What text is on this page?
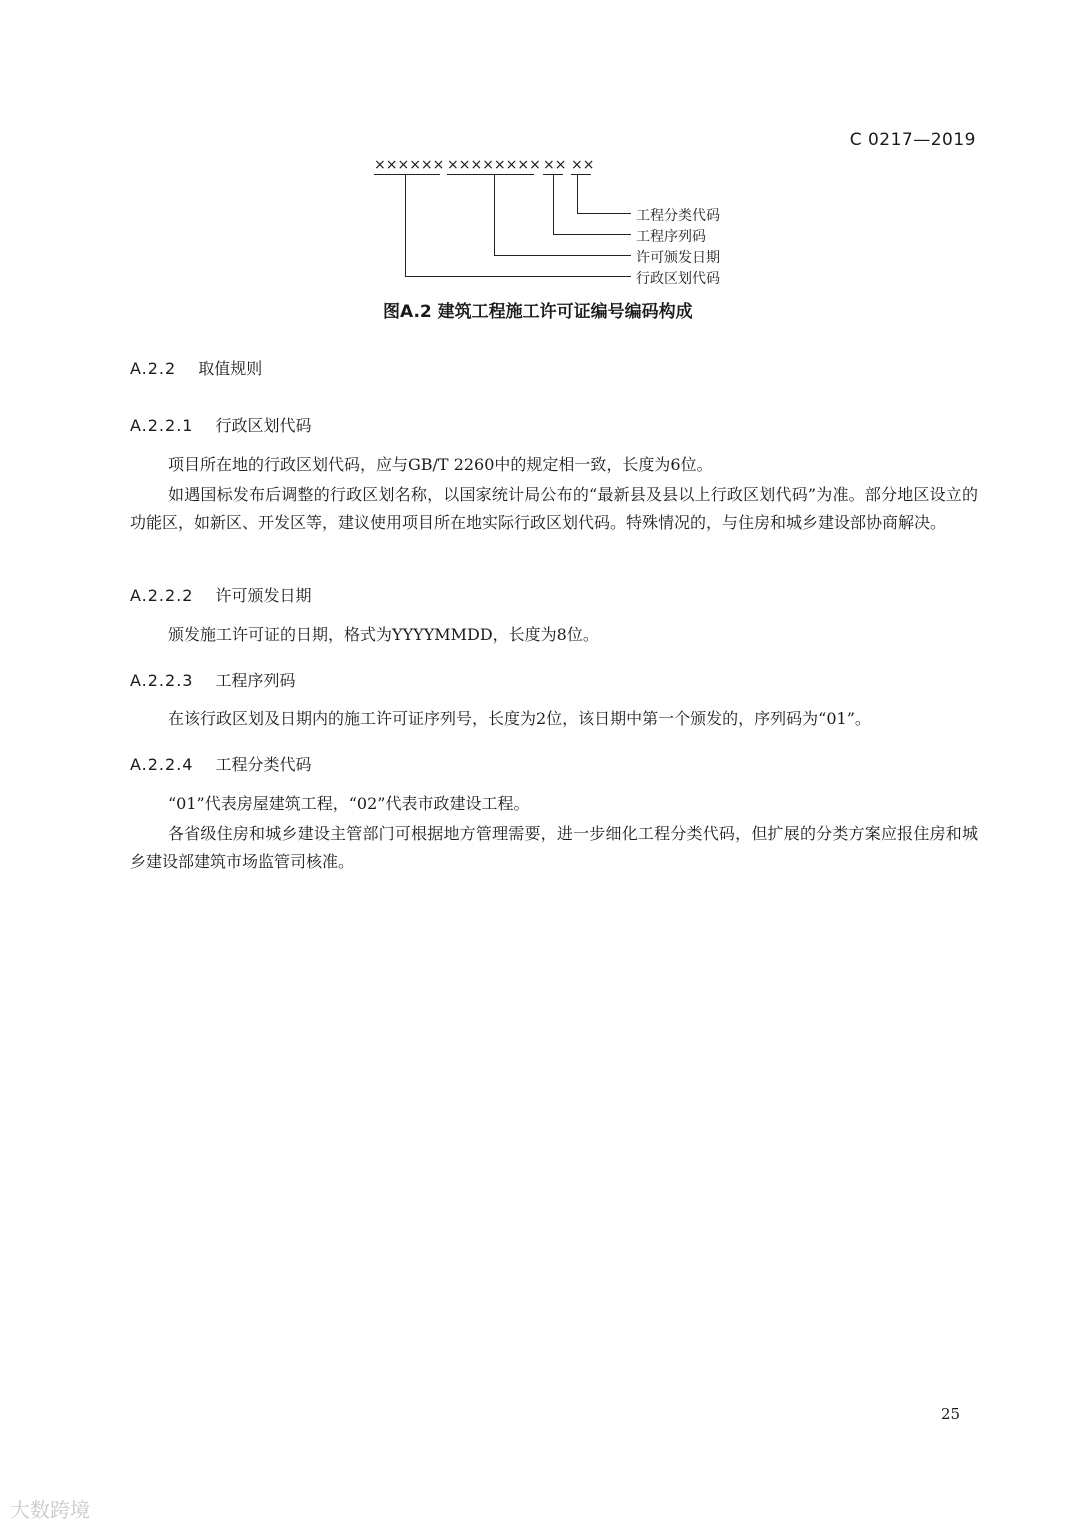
C 0217—2019
×××××× ×××××××× ×× ××
工程分类代码
工程序列码
许可颁发日期
行政区划代码
图A.2 建筑工程施工许可证编号编码构成
A.2.2 取值规则
A.2.2.1 行政区划代码
项目所在地的行政区划代码，应与GB/T 2260中的规定相一致，长度为6位。
如遇国标发布后调整的行政区划名称，以国家统计局公布的“最新县及县以上行政区划代码”为准。部分地区设立的功能区，如新区、开发区等，建议使用项目所在地实际行政区划代码。特殊情况的，与住房和城乡建设部协商解决。
A.2.2.2 许可颁发日期
颁发施工许可证的日期，格式为YYYYMMDD，长度为8位。
A.2.2.3 工程序列码
在该行政区划及日期内的施工许可证序列号，长度为2位，该日期中第一个颁发的，序列码为“01”。
A.2.2.4 工程分类代码
“01”代表房屋建筑工程，“02”代表市政建设工程。
各省级住房和城乡建设主管部门可根据地方管理需要，进一步细化工程分类代码，但扩展的分类方案应报住房和城乡建设部建筑市场监管司核准。
25
大数跨境
